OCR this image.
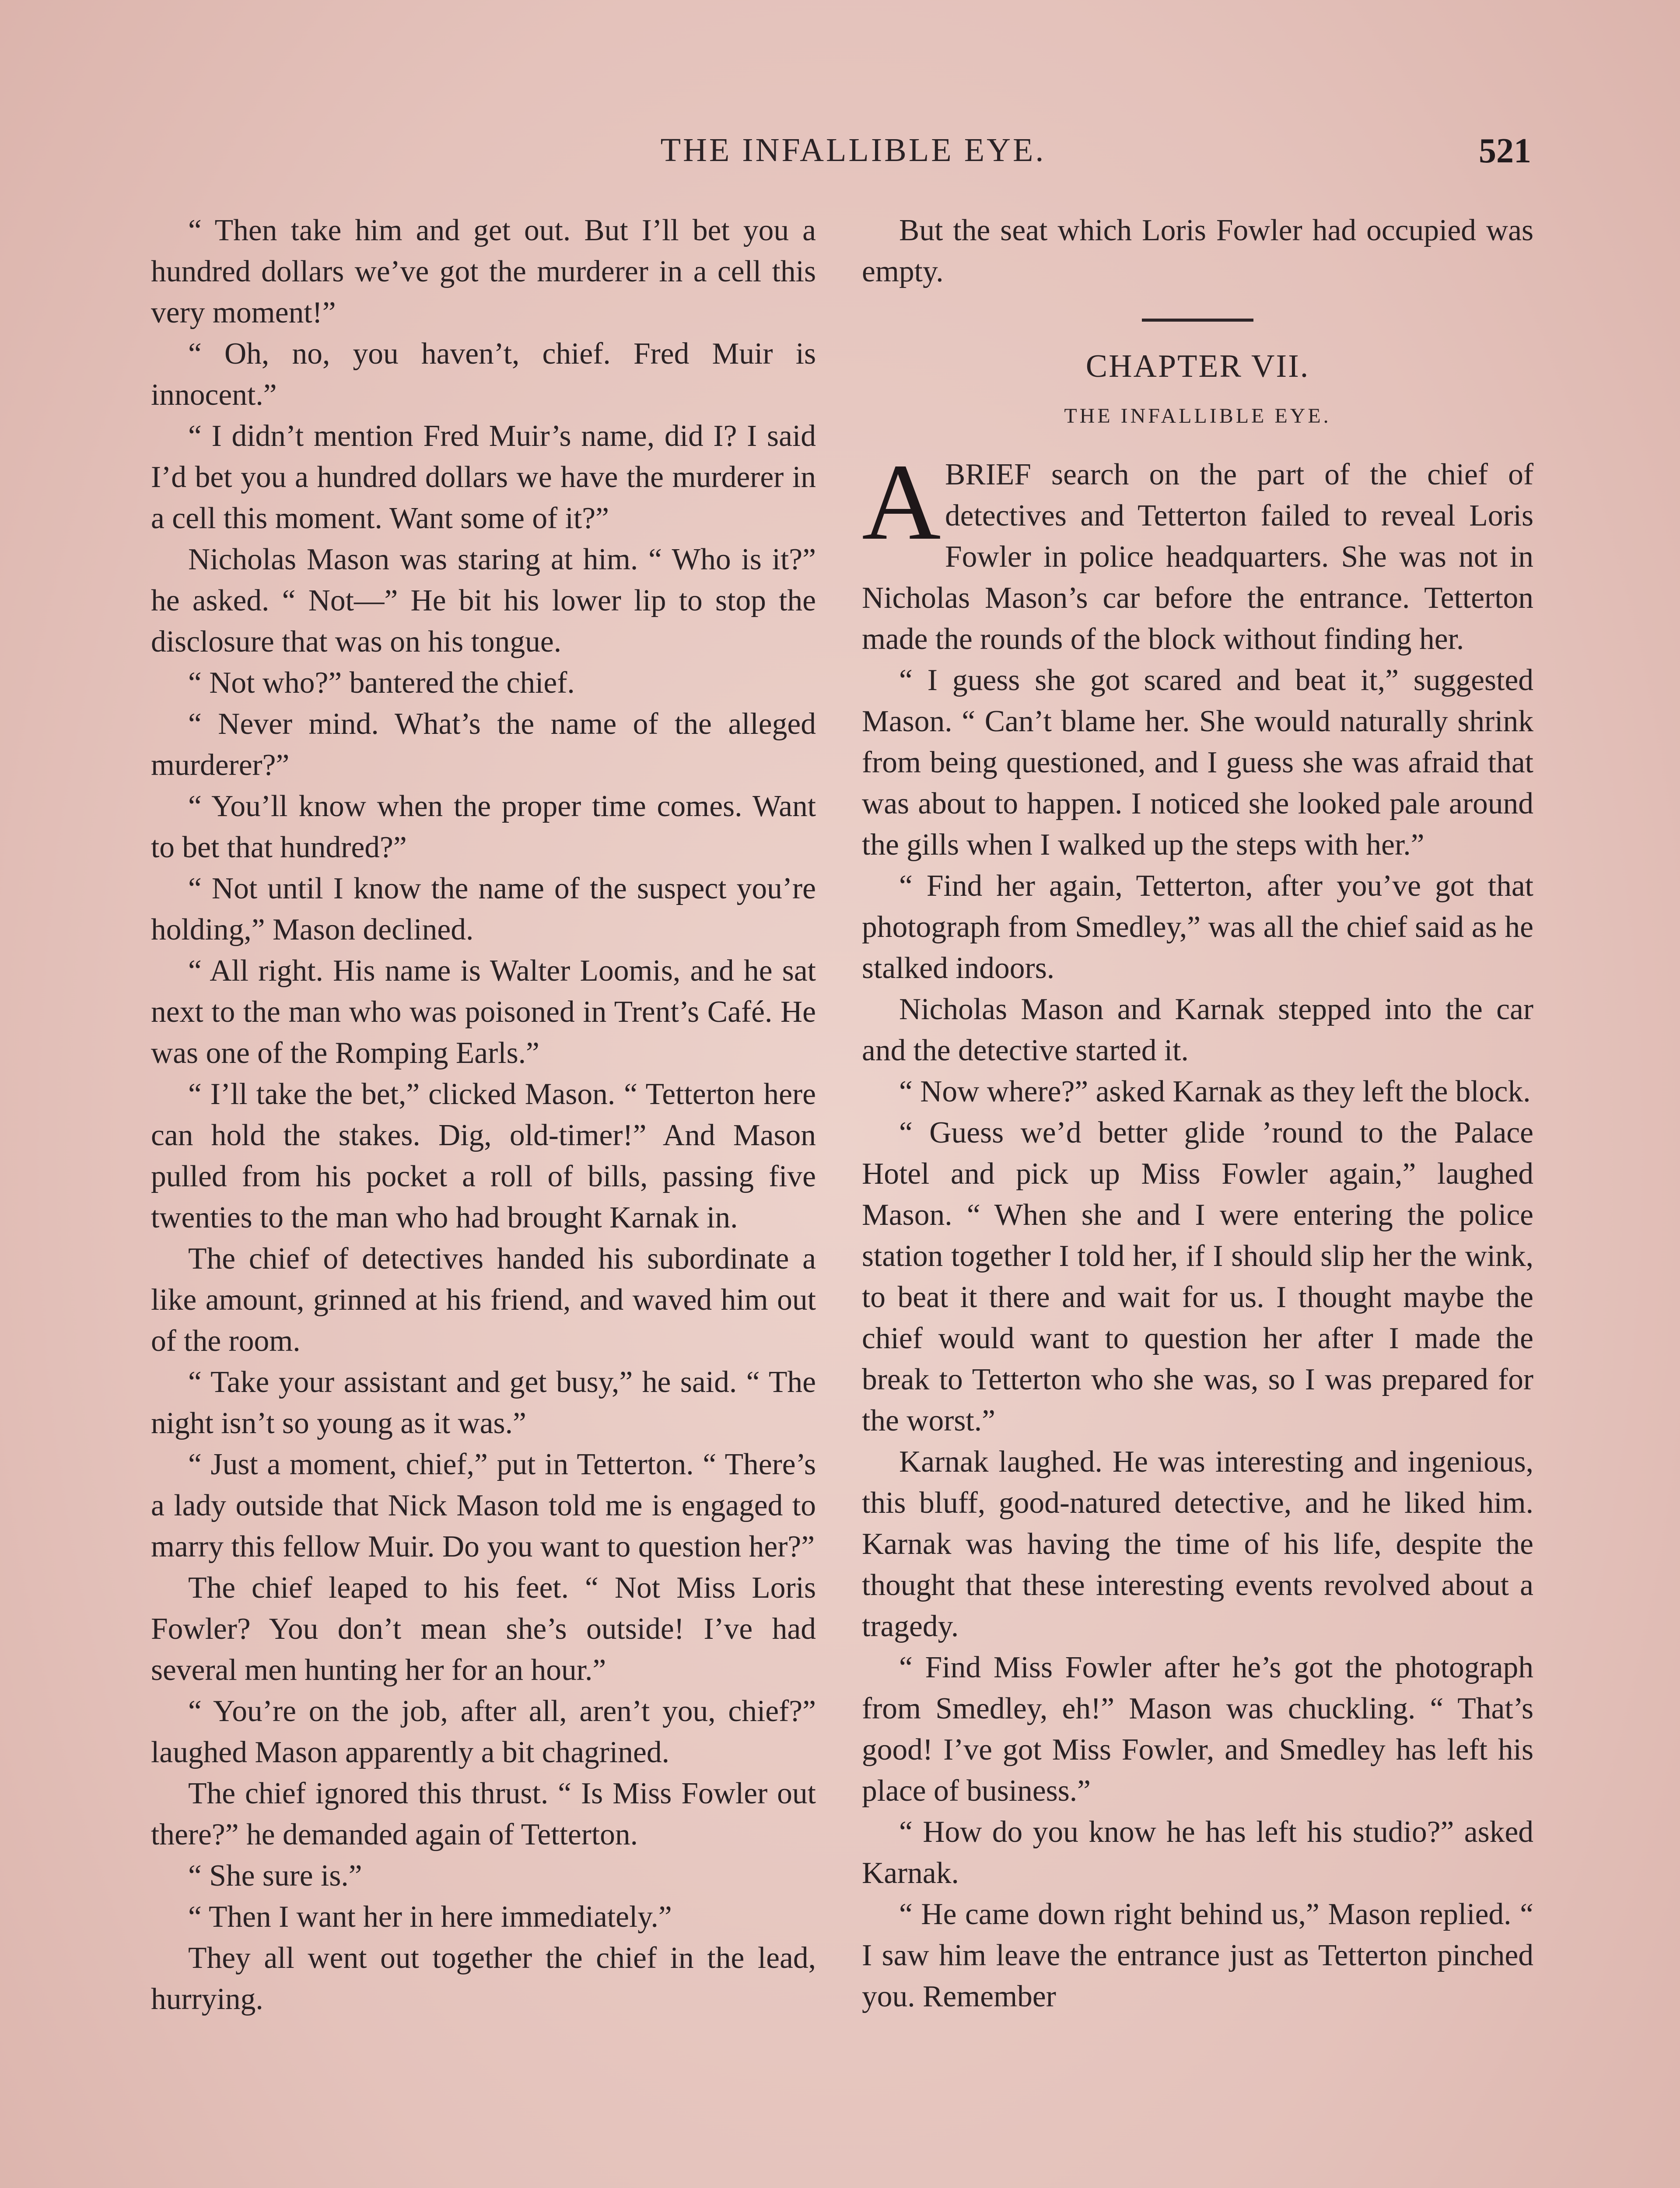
THE INFALLIBLE EYE.	521

“ Then take him and get out. But I’ll bet you a hundred dollars we’ve got the murderer in a cell this very moment!”

“ Oh, no, you haven’t, chief. Fred Muir is innocent.”

“ I didn’t mention Fred Muir’s name, did I? I said I’d bet you a hundred dollars we have the murderer in a cell this moment. Want some of it?”

Nicholas Mason was staring at him. “ Who is it?” he asked. “ Not—” He bit his lower lip to stop the disclosure that was on his tongue.

“ Not who?” bantered the chief.

“ Never mind. What’s the name of the alleged murderer?”

“ You’ll know when the proper time comes. Want to bet that hundred?”

“ Not until I know the name of the suspect you’re holding,” Mason declined.

“ All right. His name is Walter Loomis, and he sat next to the man who was poisoned in Trent’s Café. He was one of the Romping Earls.”

“ I’ll take the bet,” clicked Mason. “ Tetterton here can hold the stakes. Dig, old-timer!” And Mason pulled from his pocket a roll of bills, passing five twenties to the man who had brought Karnak in.

The chief of detectives handed his subordinate a like amount, grinned at his friend, and waved him out of the room.

“ Take your assistant and get busy,” he said. “ The night isn’t so young as it was.”

“ Just a moment, chief,” put in Tetterton. “ There’s a lady outside that Nick Mason told me is engaged to marry this fellow Muir. Do you want to question her?”

The chief leaped to his feet. “ Not Miss Loris Fowler? You don’t mean she’s outside! I’ve had several men hunting her for an hour.”

“ You’re on the job, after all, aren’t you, chief?” laughed Mason apparently a bit chagrined.

The chief ignored this thrust. “ Is Miss Fowler out there?” he demanded again of Tetterton.

“ She sure is.”

“ Then I want her in here immediately.”

They all went out together the chief in the lead, hurrying.

But the seat which Loris Fowler had occupied was empty.

CHAPTER VII.
THE INFALLIBLE EYE.

ABRIEF search on the part of the chief of detectives and Tetterton failed to reveal Loris Fowler in police headquarters. She was not in Nicholas Mason’s car before the entrance. Tetterton made the rounds of the block without finding her.

“ I guess she got scared and beat it,” suggested Mason. “ Can’t blame her. She would naturally shrink from being questioned, and I guess she was afraid that was about to happen. I noticed she looked pale around the gills when I walked up the steps with her.”

“ Find her again, Tetterton, after you’ve got that photograph from Smedley,” was all the chief said as he stalked indoors.

Nicholas Mason and Karnak stepped into the car and the detective started it.

“ Now where?” asked Karnak as they left the block.

“ Guess we’d better glide ’round to the Palace Hotel and pick up Miss Fowler again,” laughed Mason. “ When she and I were entering the police station together I told her, if I should slip her the wink, to beat it there and wait for us. I thought maybe the chief would want to question her after I made the break to Tetterton who she was, so I was prepared for the worst.”

Karnak laughed. He was interesting and ingenious, this bluff, good-natured detective, and he liked him. Karnak was having the time of his life, despite the thought that these interesting events revolved about a tragedy.

“ Find Miss Fowler after he’s got the photograph from Smedley, eh!” Mason was chuckling. “ That’s good! I’ve got Miss Fowler, and Smedley has left his place of business.”

“ How do you know he has left his studio?” asked Karnak.

“ He came down right behind us,” Mason replied. “ I saw him leave the entrance just as Tetterton pinched you. Remember
